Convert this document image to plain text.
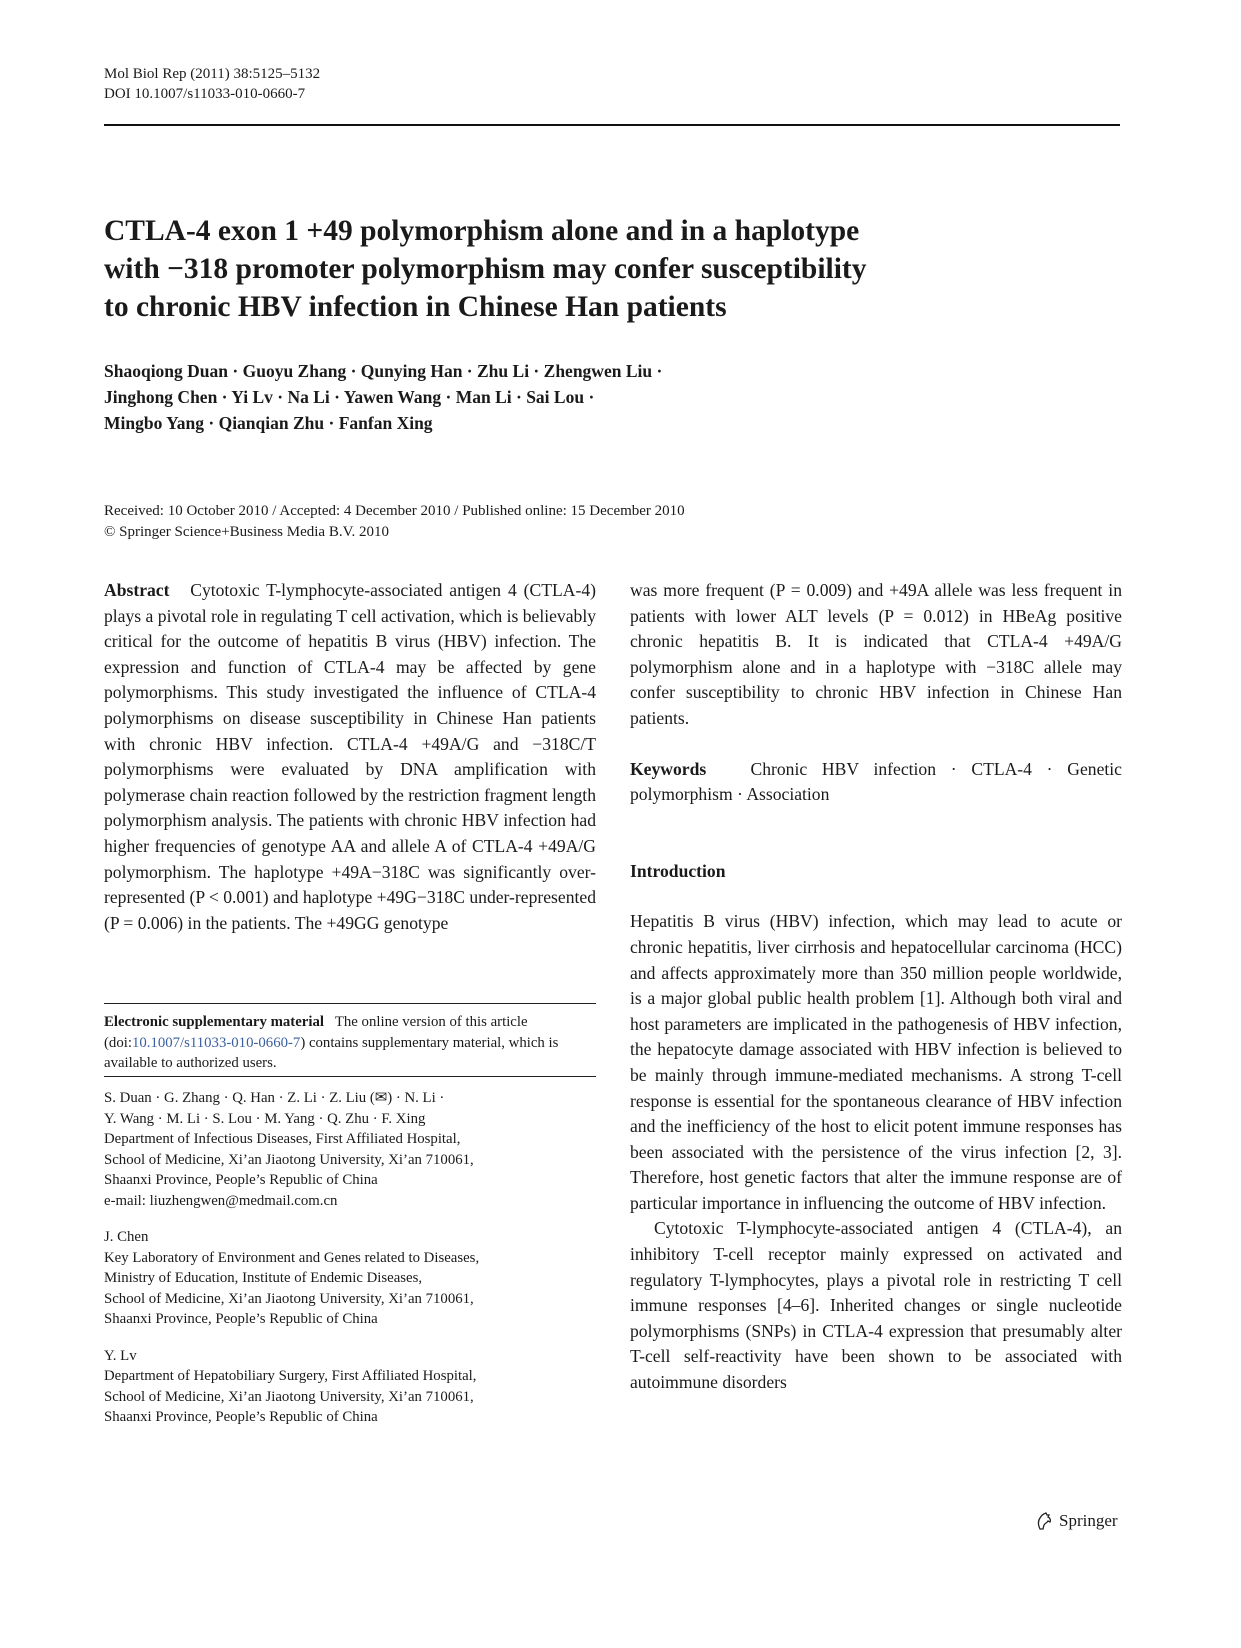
Mol Biol Rep (2011) 38:5125–5132
DOI 10.1007/s11033-010-0660-7
CTLA-4 exon 1 +49 polymorphism alone and in a haplotype
with −318 promoter polymorphism may confer susceptibility
to chronic HBV infection in Chinese Han patients
Shaoqiong Duan · Guoyu Zhang · Qunying Han · Zhu Li · Zhengwen Liu ·
Jinghong Chen · Yi Lv · Na Li · Yawen Wang · Man Li · Sai Lou ·
Mingbo Yang · Qianqian Zhu · Fanfan Xing
Received: 10 October 2010 / Accepted: 4 December 2010 / Published online: 15 December 2010
© Springer Science+Business Media B.V. 2010

Abstract Cytotoxic T-lymphocyte-associated antigen 4 (CTLA-4) plays a pivotal role in regulating T cell activation, which is believably critical for the outcome of hepatitis B virus (HBV) infection. The expression and function of CTLA-4 may be affected by gene polymorphisms. This study investigated the influence of CTLA-4 polymorphisms on disease susceptibility in Chinese Han patients with chronic HBV infection. CTLA-4 +49A/G and −318C/T polymorphisms were evaluated by DNA amplification with polymerase chain reaction followed by the restriction fragment length polymorphism analysis. The patients with chronic HBV infection had higher frequencies of genotype AA and allele A of CTLA-4 +49A/G polymorphism. The haplotype +49A−318C was significantly over-represented (P < 0.001) and haplotype +49G−318C under-represented (P = 0.006) in the patients. The +49GG genotype

Electronic supplementary material The online version of this article (doi:10.1007/s11033-010-0660-7) contains supplementary material, which is available to authorized users.

S. Duan · G. Zhang · Q. Han · Z. Li · Z. Liu (✉) · N. Li ·
Y. Wang · M. Li · S. Lou · M. Yang · Q. Zhu · F. Xing
Department of Infectious Diseases, First Affiliated Hospital,
School of Medicine, Xi’an Jiaotong University, Xi’an 710061,
Shaanxi Province, People’s Republic of China
e-mail: liuzhengwen@medmail.com.cn

J. Chen
Key Laboratory of Environment and Genes related to Diseases,
Ministry of Education, Institute of Endemic Diseases,
School of Medicine, Xi’an Jiaotong University, Xi’an 710061,
Shaanxi Province, People’s Republic of China

Y. Lv
Department of Hepatobiliary Surgery, First Affiliated Hospital,
School of Medicine, Xi’an Jiaotong University, Xi’an 710061,
Shaanxi Province, People’s Republic of China

was more frequent (P = 0.009) and +49A allele was less frequent in patients with lower ALT levels (P = 0.012) in HBeAg positive chronic hepatitis B. It is indicated that CTLA-4 +49A/G polymorphism alone and in a haplotype with −318C allele may confer susceptibility to chronic HBV infection in Chinese Han patients.

Keywords	Chronic HBV infection · CTLA-4 · Genetic polymorphism · Association

Introduction

Hepatitis B virus (HBV) infection, which may lead to acute or chronic hepatitis, liver cirrhosis and hepatocellular carcinoma (HCC) and affects approximately more than 350 million people worldwide, is a major global public health problem [1]. Although both viral and host parameters are implicated in the pathogenesis of HBV infection, the hepatocyte damage associated with HBV infection is believed to be mainly through immune-mediated mechanisms. A strong T-cell response is essential for the spontaneous clearance of HBV infection and the inefficiency of the host to elicit potent immune responses has been associated with the persistence of the virus infection [2, 3]. Therefore, host genetic factors that alter the immune response are of particular importance in influencing the outcome of HBV infection.

Cytotoxic T-lymphocyte-associated antigen 4 (CTLA-4), an inhibitory T-cell receptor mainly expressed on activated and regulatory T-lymphocytes, plays a pivotal role in restricting T cell immune responses [4–6]. Inherited changes or single nucleotide polymorphisms (SNPs) in CTLA-4 expression that presumably alter T-cell self-reactivity have been shown to be associated with autoimmune disorders

Springer
